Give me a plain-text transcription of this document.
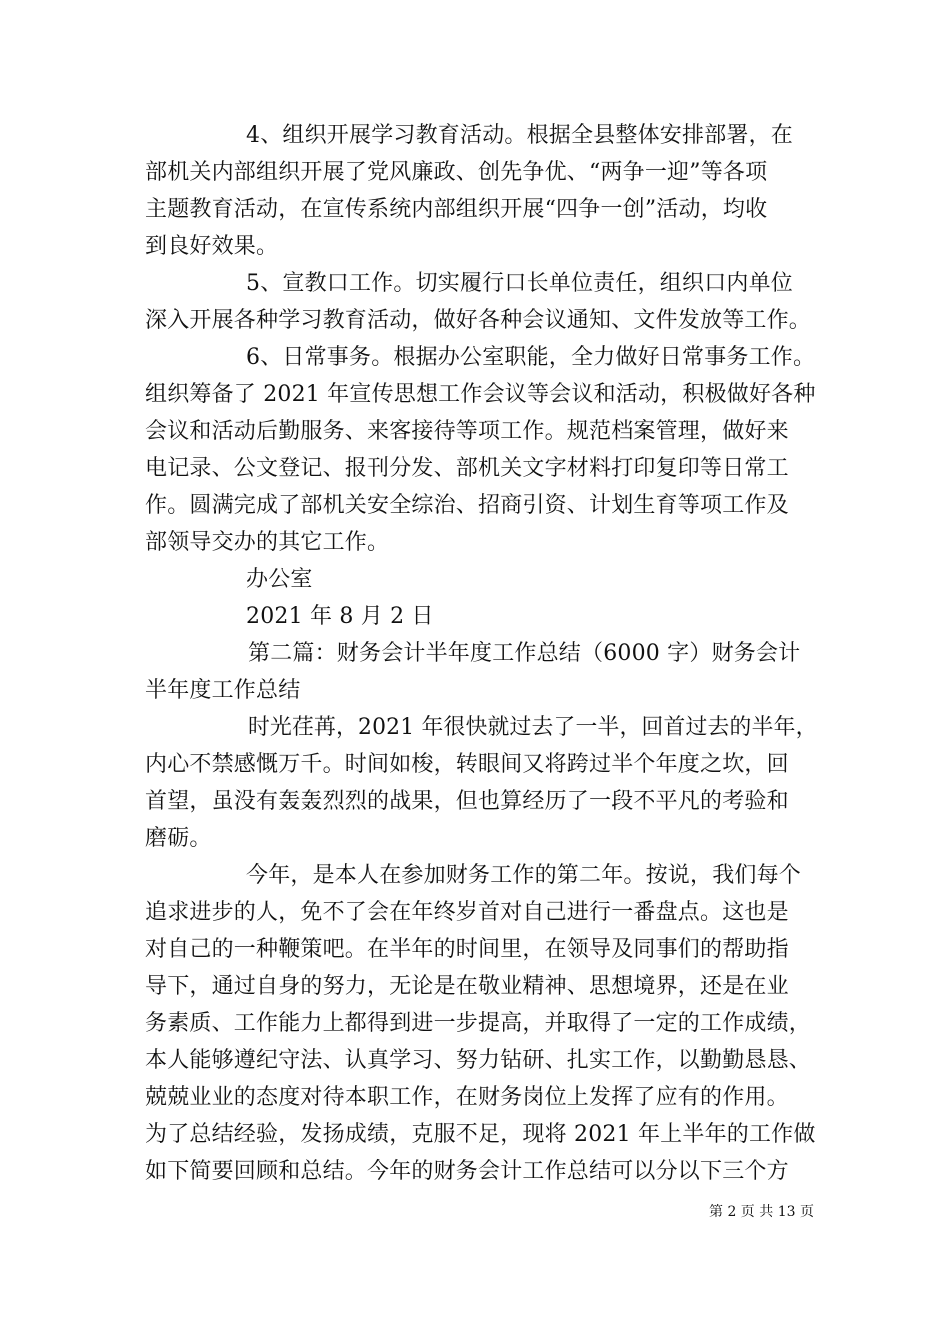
4、组织开展学习教育活动。根据全县整体安排部署，在
部机关内部组织开展了党风廉政、创先争优、“两争一迎”等各项
主题教育活动，在宣传系统内部组织开展“四争一创”活动，均收
到良好效果。
5、宣教口工作。切实履行口长单位责任，组织口内单位
深入开展各种学习教育活动，做好各种会议通知、文件发放等工作。
6、日常事务。根据办公室职能，全力做好日常事务工作。
组织筹备了 2021 年宣传思想工作会议等会议和活动，积极做好各种
会议和活动后勤服务、来客接待等项工作。规范档案管理，做好来
电记录、公文登记、报刊分发、部机关文字材料打印复印等日常工
作。圆满完成了部机关安全综治、招商引资、计划生育等项工作及
部领导交办的其它工作。
办公室
2021 年 8 月 2 日
第二篇：财务会计半年度工作总结（6000 字）财务会计
半年度工作总结
时光荏苒，2021 年很快就过去了一半，回首过去的半年，
内心不禁感慨万千。时间如梭，转眼间又将跨过半个年度之坎，回
首望，虽没有轰轰烈烈的战果，但也算经历了一段不平凡的考验和
磨砺。
今年，是本人在参加财务工作的第二年。按说，我们每个
追求进步的人，免不了会在年终岁首对自己进行一番盘点。这也是
对自己的一种鞭策吧。在半年的时间里，在领导及同事们的帮助指
导下，通过自身的努力，无论是在敬业精神、思想境界，还是在业
务素质、工作能力上都得到进一步提高，并取得了一定的工作成绩，
本人能够遵纪守法、认真学习、努力钻研、扎实工作，以勤勤恳恳、
兢兢业业的态度对待本职工作，在财务岗位上发挥了应有的作用。
为了总结经验，发扬成绩，克服不足，现将 2021 年上半年的工作做
如下简要回顾和总结。今年的财务会计工作总结可以分以下三个方
第 2 页 共 13 页
